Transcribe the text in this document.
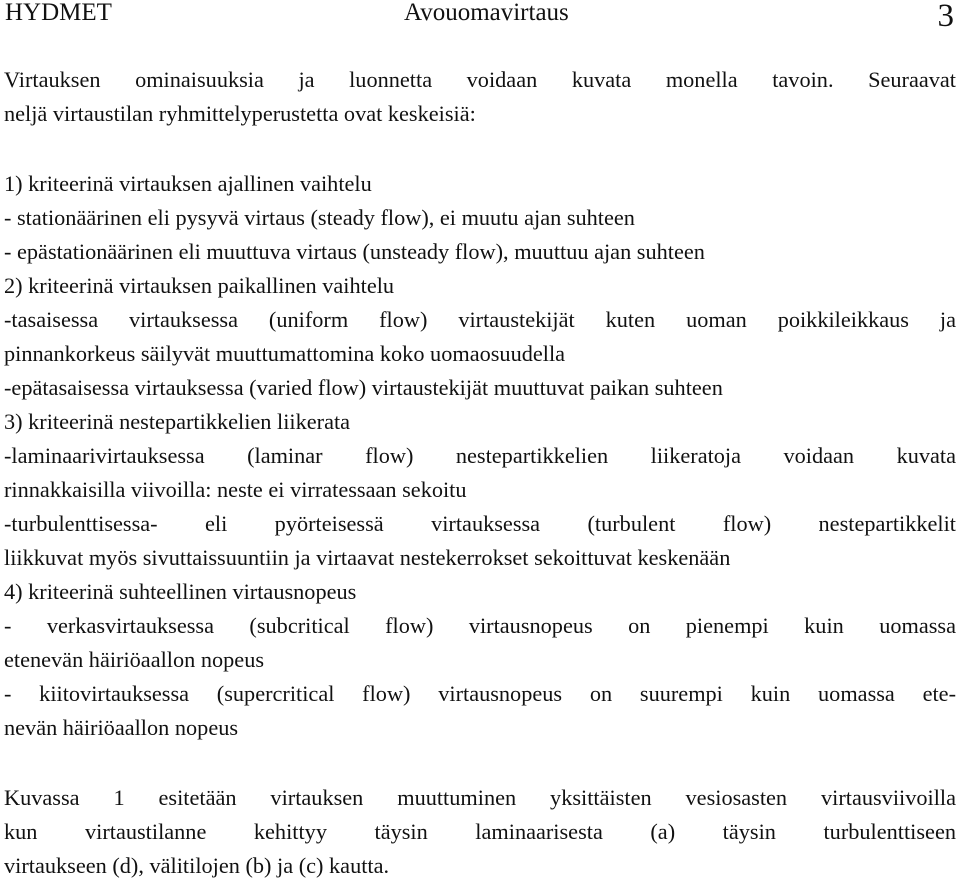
HYDMET	Avouomavirtaus	3
Virtauksen ominaisuuksia ja luonnetta voidaan kuvata monella tavoin. Seuraavat
neljä virtaustilan ryhmittelyperustetta ovat keskeisiä:
1) kriteerinä virtauksen ajallinen vaihtelu
- stationäärinen eli pysyvä virtaus (steady flow), ei muutu ajan suhteen
- epästationäärinen eli muuttuva virtaus (unsteady flow), muuttuu ajan suhteen
2) kriteerinä virtauksen paikallinen vaihtelu
-tasaisessa virtauksessa (uniform flow) virtaustekijät kuten uoman poikkileikkaus ja
pinnankorkeus säilyvät muuttumattomina koko uomaosuudella
-epätasaisessa virtauksessa (varied flow) virtaustekijät muuttuvat paikan suhteen
3) kriteerinä nestepartikkelien liikerata
-laminaarivirtauksessa (laminar flow) nestepartikkelien liikeratoja voidaan kuvata
rinnakkaisilla viivoilla: neste ei virratessaan sekoitu
-turbulenttisessa- eli pyörteisessä virtauksessa (turbulent flow) nestepartikkelit
liikkuvat myös sivuttaissuuntiin ja virtaavat nestekerrokset sekoittuvat keskenään
4) kriteerinä suhteellinen virtausnopeus
- verkasvirtauksessa (subcritical flow) virtausnopeus on pienempi kuin uomassa
etenevän häiriöaallon nopeus
- kiitovirtauksessa (supercritical flow) virtausnopeus on suurempi kuin uomassa ete-
nevän häiriöaallon nopeus
Kuvassa 1 esitetään virtauksen muuttuminen yksittäisten vesiosasten virtausviivoilla
kun virtaustilanne kehittyy täysin laminaarisesta (a) täysin turbulenttiseen
virtaukseen (d), välitilojen (b) ja (c) kautta.
